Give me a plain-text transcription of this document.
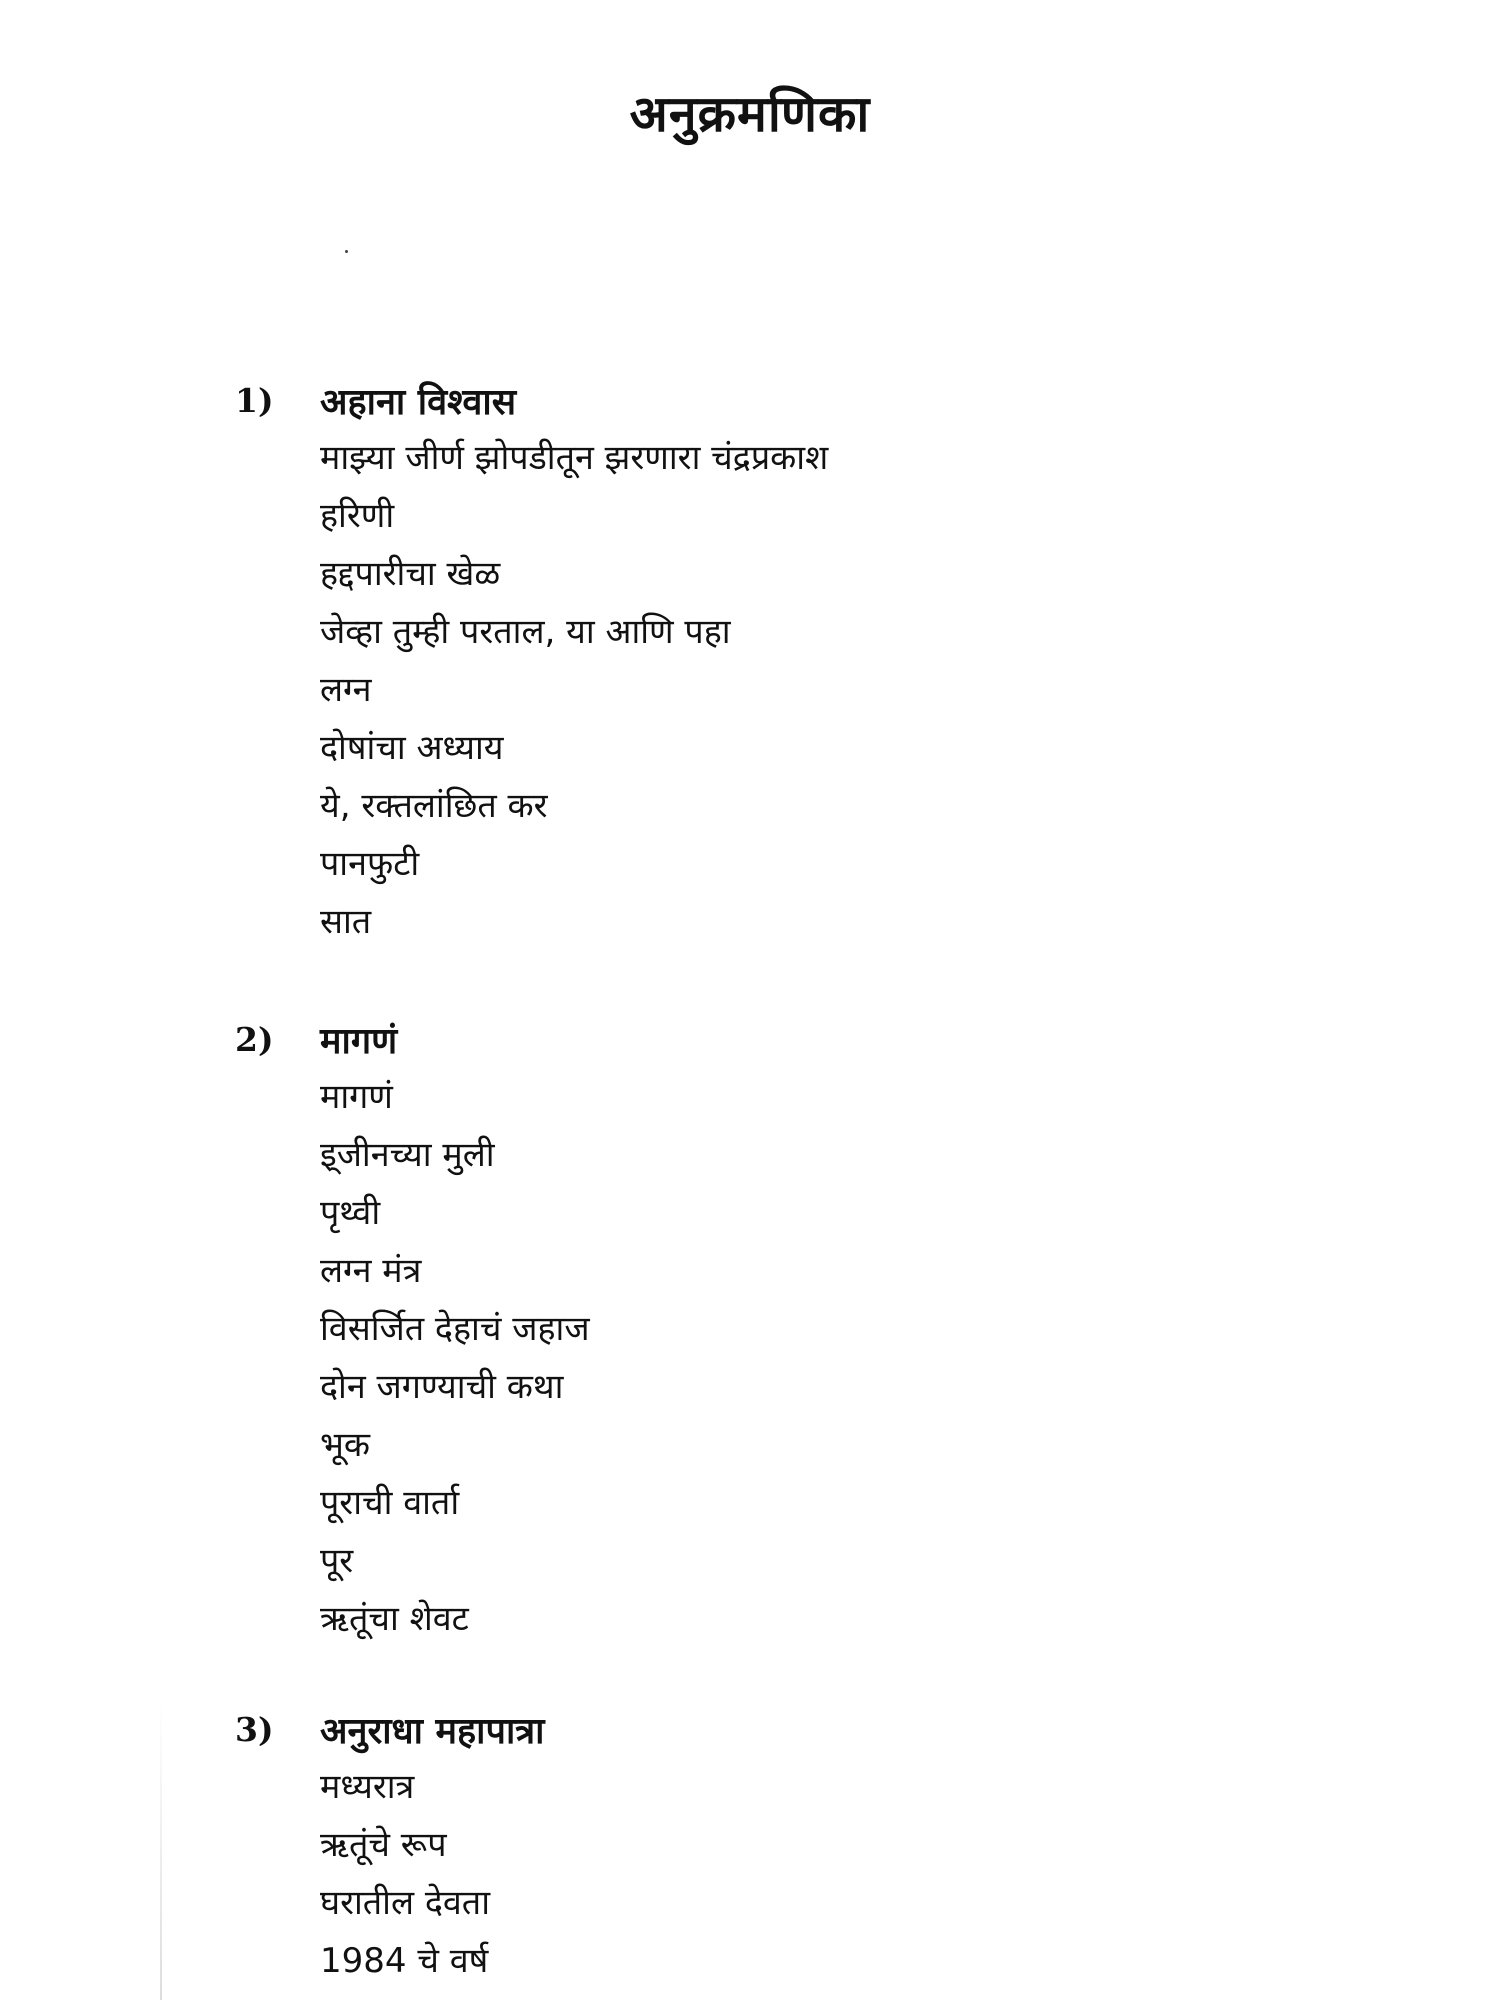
अनुक्रमणिका
1)	अहाना विश्वास
माझ्या जीर्ण झोपडीतून झरणारा चंद्रप्रकाश
हरिणी
हद्दपारीचा खेळ
जेव्हा तुम्ही परताल, या आणि पहा
लग्न
दोषांचा अध्याय
ये, रक्तलांछित कर
पानफुटी
सात
2)	मागणं
मागणं
इ्जीनच्या मुली
पृथ्वी
लग्न मंत्र
विसर्जित देहाचं जहाज
दोन जगण्याची कथा
भूक
पूराची वार्ता
पूर
ऋतूंचा शेवट
3)	अनुराधा महापात्रा
मध्यरात्र
ऋतूंचे रूप
घरातील देवता
1984 चे वर्ष
